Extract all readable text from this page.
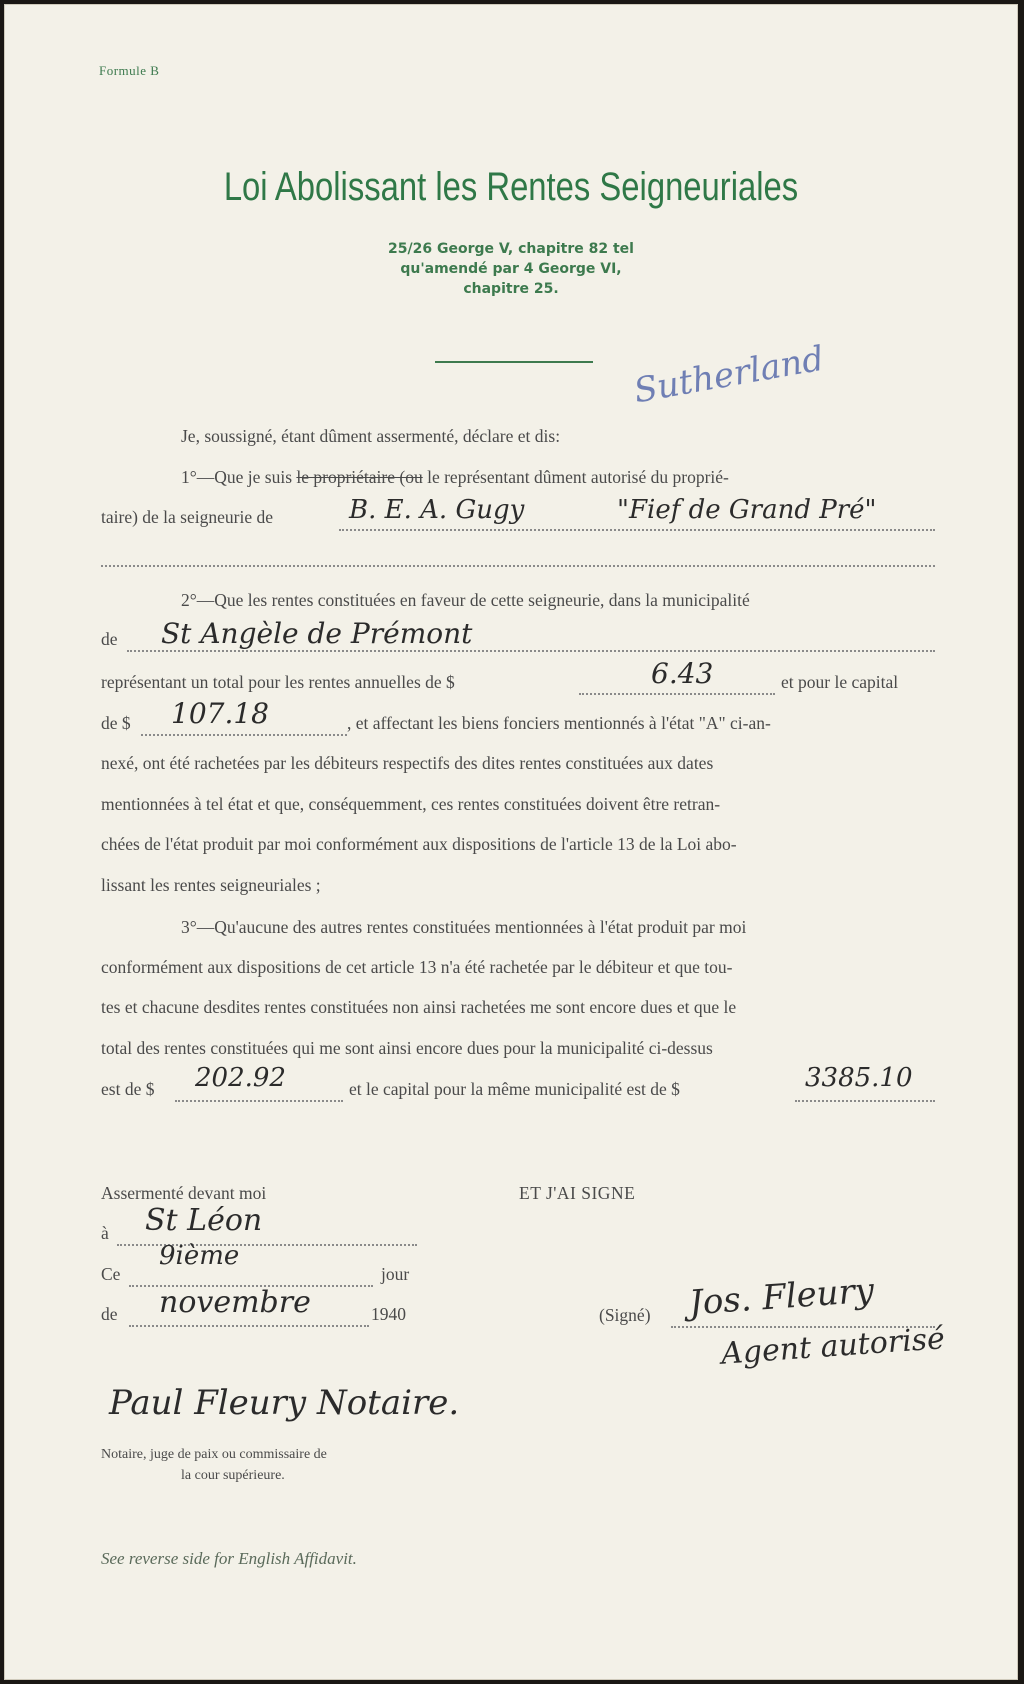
Formule B
Loi Abolissant les Rentes Seigneuriales
25/26 George V, chapitre 82 tel
qu'amendé par 4 George VI,
chapitre 25.
Sutherland
Je, soussigné, étant dûment assermenté, déclare et dis:
1°—Que je suis le propriétaire (ou le représentant dûment autorisé du proprié-
taire) de la seigneurie de	B. E. A. Gugy	"Fief de Grand Pré"
2°—Que les rentes constituées en faveur de cette seigneurie, dans la municipalité
de St Angèle de Prémont
représentant un total pour les rentes annuelles de $	6.43	et pour le capital
de $ 107.18	, et affectant les biens fonciers mentionnés à l'état "A" ci-an-
nexé, ont été rachetées par les débiteurs respectifs des dites rentes constituées aux dates
mentionnées à tel état et que, conséquemment, ces rentes constituées doivent être retran-
chées de l'état produit par moi conformément aux dispositions de l'article 13 de la Loi abo-
lissant les rentes seigneuriales ;
3°—Qu'aucune des autres rentes constituées mentionnées à l'état produit par moi
conformément aux dispositions de cet article 13 n'a été rachetée par le débiteur et que tou-
tes et chacune desdites rentes constituées non ainsi rachetées me sont encore dues et que le
total des rentes constituées qui me sont ainsi encore dues pour la municipalité ci-dessus
est de $ 202.92	et le capital pour la même municipalité est de $	3385.10
Assermenté devant moi
à St Léon
Ce
9ième
jour
de novembre	1940
ET J'AI SIGNE
(Signé) Jos. Fleury
Agent autorisé
Paul Fleury Notaire.
Notaire, juge de paix ou commissaire de
la cour supérieure.
See reverse side for English Affidavit.
